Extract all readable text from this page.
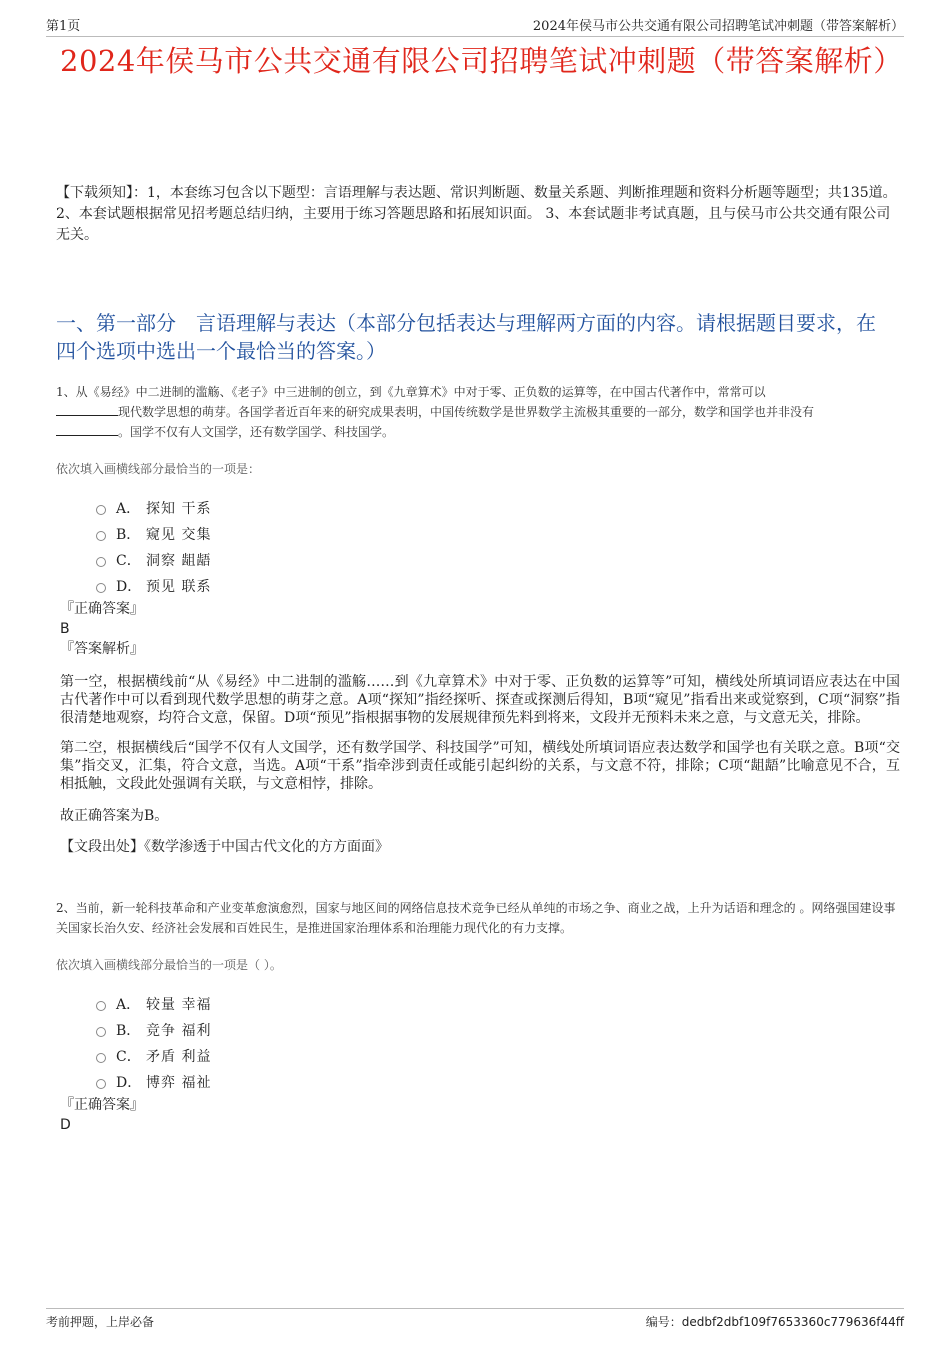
第1页	2024年侯马市公共交通有限公司招聘笔试冲刺题（带答案解析）
2024年侯马市公共交通有限公司招聘笔试冲刺题（带答案解析）
【下载须知】：1，本套练习包含以下题型：言语理解与表达题、常识判断题、数量关系题、判断推理题和资料分析题等题型；共135道。 2、本套试题根据常见招考题总结归纳，主要用于练习答题思路和拓展知识面。 3、本套试题非考试真题，且与侯马市公共交通有限公司无关。
一、第一部分　言语理解与表达（本部分包括表达与理解两方面的内容。请根据题目要求，在四个选项中选出一个最恰当的答案。）
1、从《易经》中二进制的滥觞、《老子》中三进制的创立，到《九章算术》中对于零、正负数的运算等，在中国古代著作中，常常可以
现代数学思想的萌芽。各国学者近百年来的研究成果表明，中国传统数学是世界数学主流极其重要的一部分，数学和国学也并非没有
。国学不仅有人文国学，还有数学国学、科技国学。
依次填入画横线部分最恰当的一项是：
A． 探知 干系
B． 窥见 交集
C． 洞察 龃龉
D． 预见 联系
『正确答案』
B
『答案解析』
第一空，根据横线前“从《易经》中二进制的滥觞……到《九章算术》中对于零、正负数的运算等”可知，横线处所填词语应表达在中国古代著作中可以看到现代数学思想的萌芽之意。A项“探知”指经探听、探查或探测后得知，B项“窥见”指看出来或觉察到，C项“洞察”指很清楚地观察，均符合文意，保留。D项“预见”指根据事物的发展规律预先料到将来，文段并无预料未来之意，与文意无关，排除。
第二空，根据横线后“国学不仅有人文国学，还有数学国学、科技国学”可知，横线处所填词语应表达数学和国学也有关联之意。B项“交集”指交叉，汇集，符合文意，当选。A项“干系”指牵涉到责任或能引起纠纷的关系，与文意不符，排除；C项“龃龉”比喻意见不合，互相抵触，文段此处强调有关联，与文意相悖，排除。
故正确答案为B。
【文段出处】《数学渗透于中国古代文化的方方面面》
2、当前，新一轮科技革命和产业变革愈演愈烈，国家与地区间的网络信息技术竞争已经从单纯的市场之争、商业之战，上升为话语和理念的 。网络强国建设事关国家长治久安、经济社会发展和百姓民生，是推进国家治理体系和治理能力现代化的有力支撑。
依次填入画横线部分最恰当的一项是（ ）。
A． 较量 幸福
B． 竞争 福利
C． 矛盾 利益
D． 博弈 福祉
『正确答案』
D
考前押题，上岸必备	编号：dedbf2dbf109f7653360c779636f44ff
